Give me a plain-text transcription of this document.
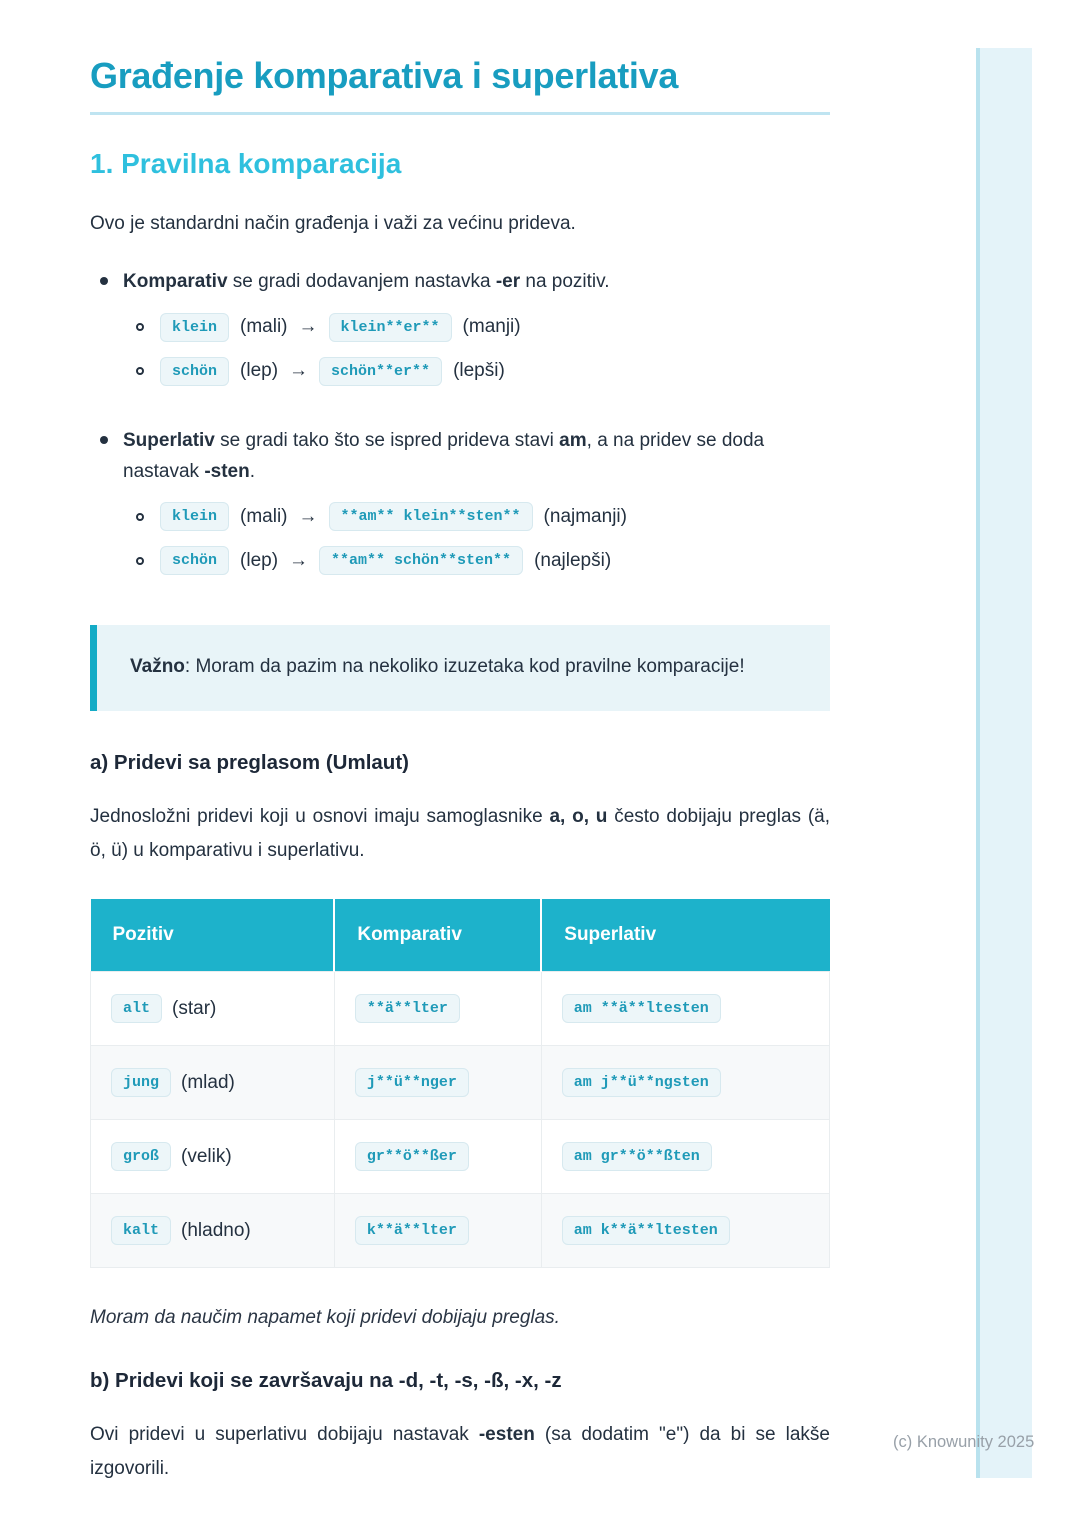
Građenje komparativa i superlativa
1. Pravilna komparacija

Ovo je standardni način građenja i važi za većinu prideva.

Komparativ se gradi dodavanjem nastavka -er na pozitiv.

klein	(mali) →	klein**er**	(manji)
schön	(lep) →	schön**er**	(lepši)

Superlativ se gradi tako što se ispred prideva stavi am, a na pridev se doda nastavak -sten.

klein	(mali) →	**am** klein**sten**	(najmanji)
schön	(lep) →	**am** schön**sten**	(najlepši)
Važno: Moram da pazim na nekoliko izuzetaka kod pravilne komparacije!
a) Pridevi sa preglasom (Umlaut)

Jednosložni pridevi koji u osnovi imaju samoglasnike a, o, u često dobijaju preglas (ä, ö, ü) u komparativu i superlativu.

Pozitiv	Komparativ	Superlativ

alt (star)	**ä**lter	am **ä**ltesten

jung (mlad)	j**ü**nger	am j**ü**ngsten

groß (velik)	gr**ö**ßer	am gr**ö**ßten

kalt (hladno)	k**ä**lter	am k**ä**ltesten

Moram da naučim napamet koji pridevi dobijaju preglas.

b) Pridevi koji se završavaju na -d, -t, -s, -ß, -x, -z

Ovi pridevi u superlativu dobijaju nastavak -esten (sa dodatim "e") da bi se lakše izgovorili.

(c) Knowunity 2025
